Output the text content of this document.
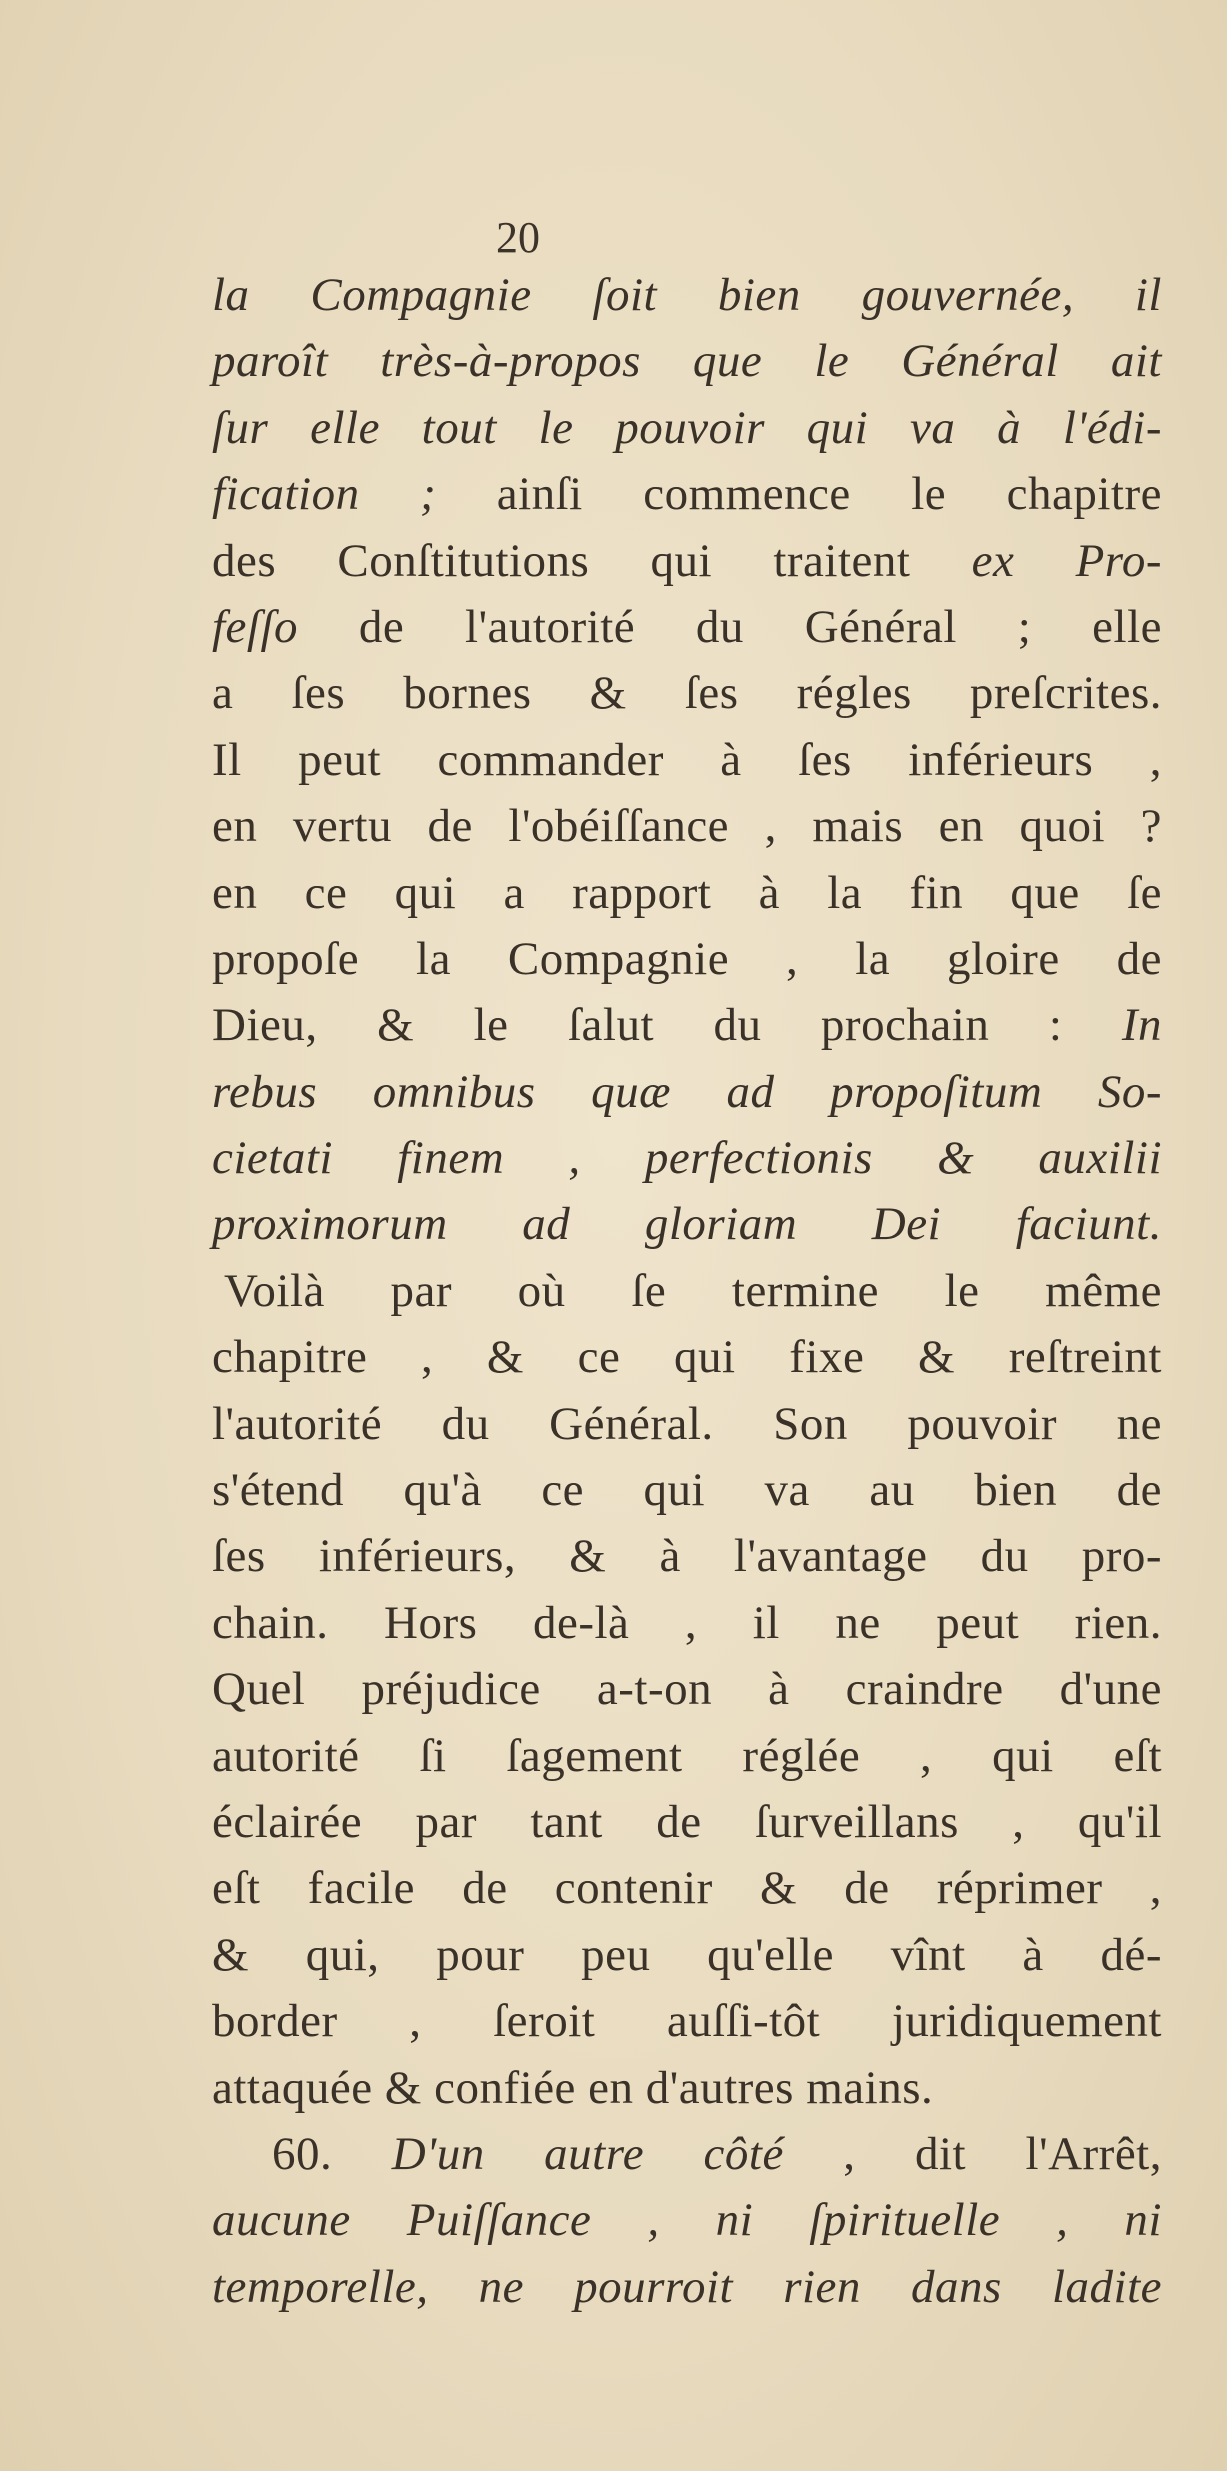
20
la Compagnie ſoit bien gouvernée, il
paroît très-à-propos que le Général ait
ſur elle tout le pouvoir qui va à l'édi-
fication ; ainſi commence le chapitre
des Conſtitutions qui traitent ex Pro-
feſſo de l'autorité du Général ; elle
a ſes bornes & ſes régles preſcrites.
Il peut commander à ſes inférieurs ,
en vertu de l'obéiſſance , mais en quoi ?
en ce qui a rapport à la fin que ſe
propoſe la Compagnie , la gloire de
Dieu, & le ſalut du prochain : In
rebus omnibus quæ ad propoſitum So-
cietati finem , perfectionis & auxilii
proximorum ad gloriam Dei faciunt.
Voilà par où ſe termine le même
chapitre , & ce qui fixe & reſtreint
l'autorité du Général. Son pouvoir ne
s'étend qu'à ce qui va au bien de
ſes inférieurs, & à l'avantage du pro-
chain. Hors de-là , il ne peut rien.
Quel préjudice a-t-on à craindre d'une
autorité ſi ſagement réglée , qui eſt
éclairée par tant de ſurveillans , qu'il
eſt facile de contenir & de réprimer ,
& qui, pour peu qu'elle vînt à dé-
border , ſeroit auſſi-tôt juridiquement
attaquée & confiée en d'autres mains.
60. D'un autre côté , dit l'Arrêt,
aucune Puiſſance , ni ſpirituelle , ni
temporelle, ne pourroit rien dans ladite
